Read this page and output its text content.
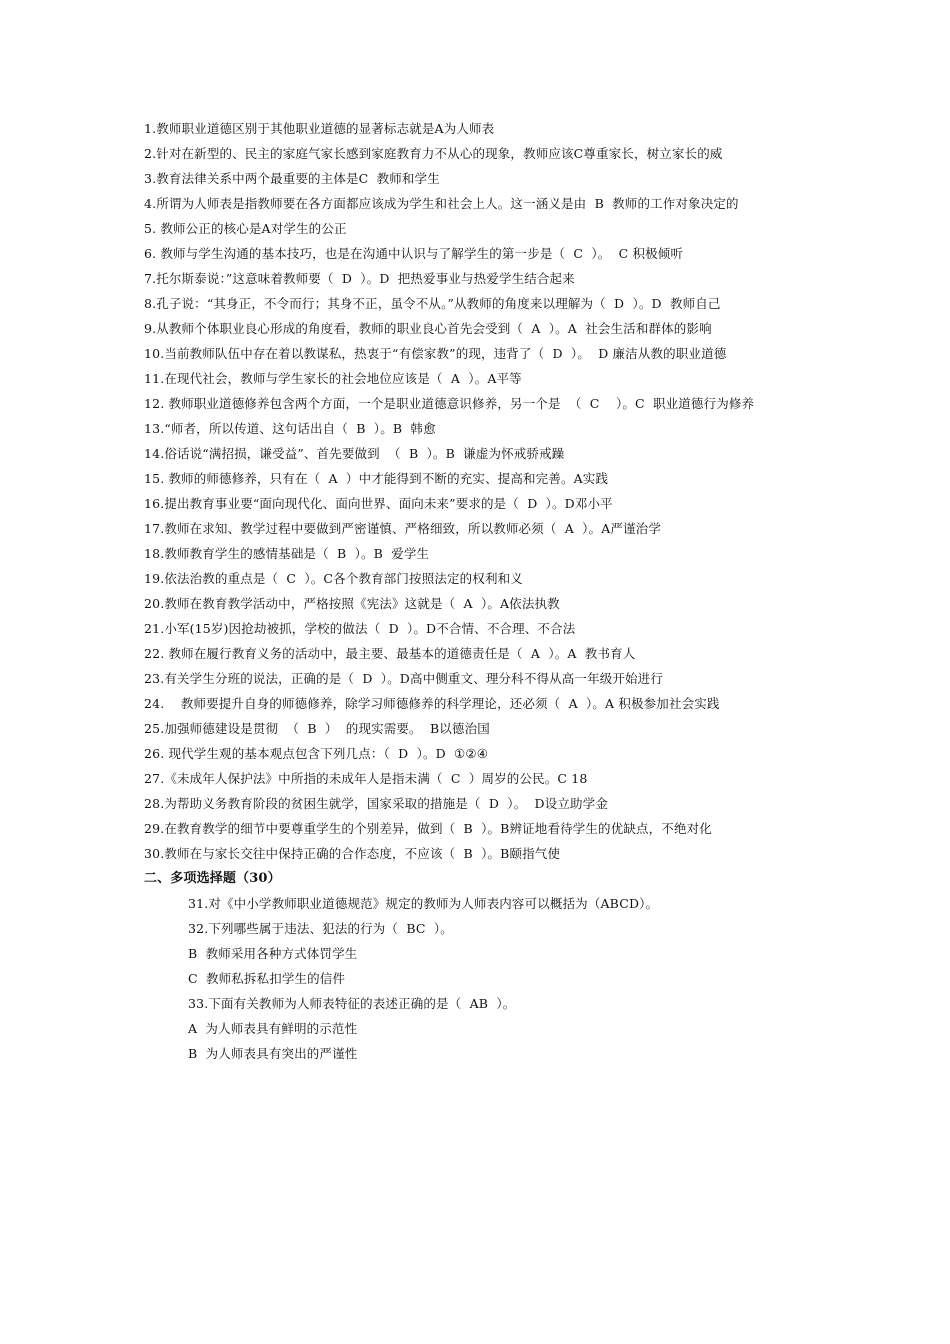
1.教师职业道德区别于其他职业道德的显著标志就是A为人师表
2.针对在新型的、民主的家庭气家长感到家庭教育力不从心的现象，教师应该C尊重家长，树立家长的威
3.教育法律关系中两个最重要的主体是C  教师和学生
4.所谓为人师表是指教师要在各方面都应该成为学生和社会上人。这一涵义是由  B  教师的工作对象决定的
5. 教师公正的核心是A对学生的公正
6. 教师与学生沟通的基本技巧，也是在沟通中认识与了解学生的第一步是（  C  ）。  C 积极倾听
7.托尔斯泰说：”这意味着教师要（  D  ）。D  把热爱事业与热爱学生结合起来
8.孔子说：“其身正，不令而行；其身不正，虽令不从。”从教师的角度来以理解为（  D  ）。D  教师自己
9.从教师个体职业良心形成的角度看，教师的职业良心首先会受到（  A  ）。A  社会生活和群体的影响
10.当前教师队伍中存在着以教谋私，热衷于“有偿家教”的现，违背了（  D  ）。  D 廉洁从教的职业道德
11.在现代社会，教师与学生家长的社会地位应该是（  A  ）。A平等
12. 教师职业道德修养包含两个方面，一个是职业道德意识修养，另一个是  （  C    ）。C  职业道德行为修养
13.“师者，所以传道、这句话出自（  B  ）。B  韩愈
14.俗话说“满招损，谦受益”、首先要做到  （  B  ）。B  谦虚为怀戒骄戒躁
15. 教师的师德修养，只有在（  A  ）中才能得到不断的充实、提高和完善。A实践
16.提出教育事业要“面向现代化、面向世界、面向未来”要求的是（  D  ）。D邓小平
17.教师在求知、教学过程中要做到严密谨慎、严格细致，所以教师必须（  A  ）。A严谨治学
18.教师教育学生的感情基础是（  B  ）。B  爱学生
19.依法治教的重点是（  C  ）。C各个教育部门按照法定的权利和义
20.教师在教育教学活动中，严格按照《宪法》这就是（  A  ）。A依法执教
21.小军(15岁)因抢劫被抓，学校的做法（  D  ）。D不合情、不合理、不合法
22. 教师在履行教育义务的活动中，最主要、最基本的道德责任是（  A  ）。A  教书育人
23.有关学生分班的说法，正确的是（  D  ）。D高中侧重文、理分科不得从高一年级开始进行
24.    教师要提升自身的师德修养，除学习师德修养的科学理论，还必须（  A  ）。A 积极参加社会实践
25.加强师德建设是贯彻  （  B  ）  的现实需要。  B以德治国
26. 现代学生观的基本观点包含下列几点：（  D  ）。D  ①②④
27.《未成年人保护法》中所指的未成年人是指未满（  C  ）周岁的公民。C 18
28.为帮助义务教育阶段的贫困生就学，国家采取的措施是（  D  ）。  D设立助学金
29.在教育教学的细节中要尊重学生的个别差异，做到（  B  ）。B辨证地看待学生的优缺点，不绝对化
30.教师在与家长交往中保持正确的合作态度，不应该（  B  ）。B颐指气使
二、多项选择题（30）
31.对《中小学教师职业道德规范》规定的教师为人师表内容可以概括为（ABCD）。
32.下列哪些属于违法、犯法的行为（  BC  ）。
B  教师采用各种方式体罚学生
C  教师私拆私扣学生的信件
33.下面有关教师为人师表特征的表述正确的是（  AB  ）。
A  为人师表具有鲜明的示范性
B  为人师表具有突出的严谨性
